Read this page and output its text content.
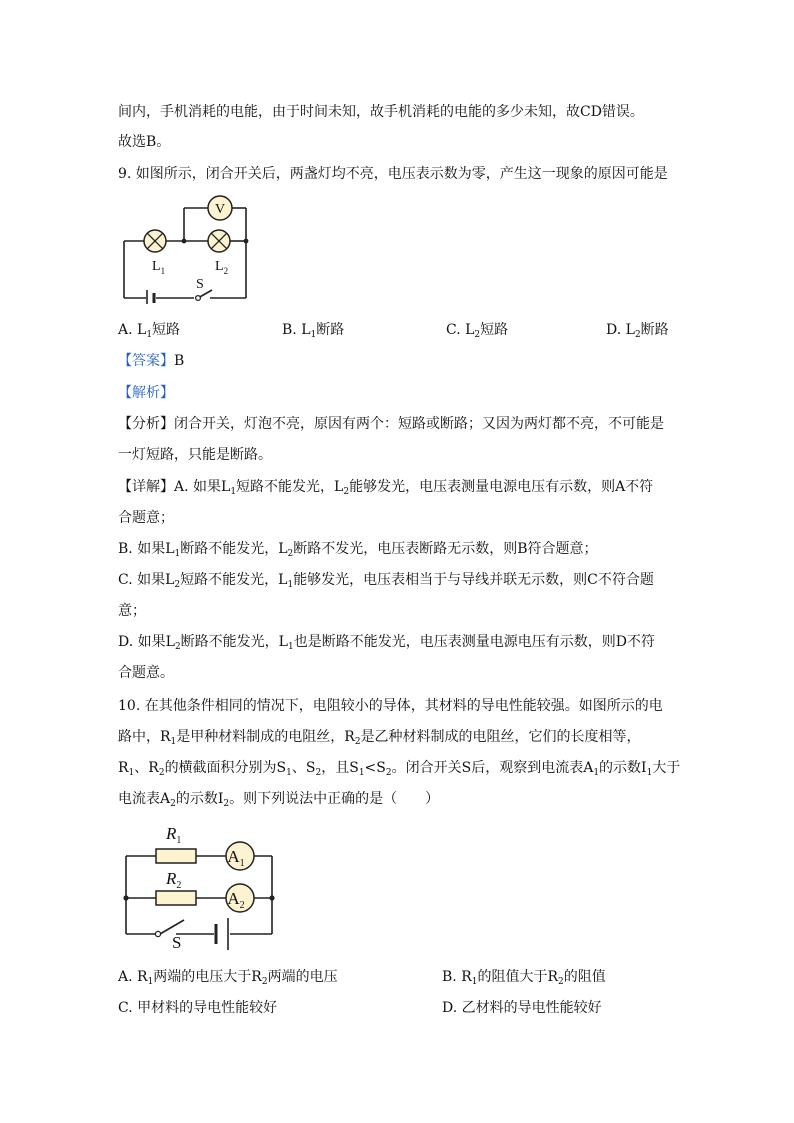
间内，手机消耗的电能，由于时间未知，故手机消耗的电能的多少未知，故CD错误。
故选B。
9. 如图所示，闭合开关后，两盏灯均不亮，电压表示数为零，产生这一现象的原因可能是
V
$L_1$	$L_2$
S
A. $L_1$短路	B. $L_1$断路	C. $L_2$短路	D. $L_2$断路
【答案】B
【解析】
【分析】闭合开关，灯泡不亮，原因有两个：短路或断路；又因为两灯都不亮，不可能是
一灯短路，只能是断路。
【详解】A. 如果$L_1$短路不能发光，$L_2$能够发光，电压表测量电源电压有示数，则A不符
合题意；
B. 如果$L_1$断路不能发光，$L_2$断路不发光，电压表断路无示数，则B符合题意；
C. 如果$L_2$短路不能发光，$L_1$能够发光，电压表相当于与导线并联无示数，则C不符合题
意；
D. 如果$L_2$断路不能发光，$L_1$也是断路不能发光，电压表测量电源电压有示数，则D不符
合题意。
10. 在其他条件相同的情况下，电阻较小的导体，其材料的导电性能较强。如图所示的电
路中，$R_1$是甲种材料制成的电阻丝，$R_2$是乙种材料制成的电阻丝，它们的长度相等，
$R_1$、$R_2$的横截面积分别为$S_1$、$S_2$，且$S_1<S_2$。闭合开关S后，观察到电流表$A_1$的示数$I_1$大于
电流表$A_2$的示数$I_2$。则下列说法中正确的是（　　）
$A_1$
$A_2$
$R_1$
$R_2$
S
A. $R_1$两端的电压大于$R_2$两端的电压	B. $R_1$的阻值大于$R_2$的阻值
C. 甲材料的导电性能较好	D. 乙材料的导电性能较好
